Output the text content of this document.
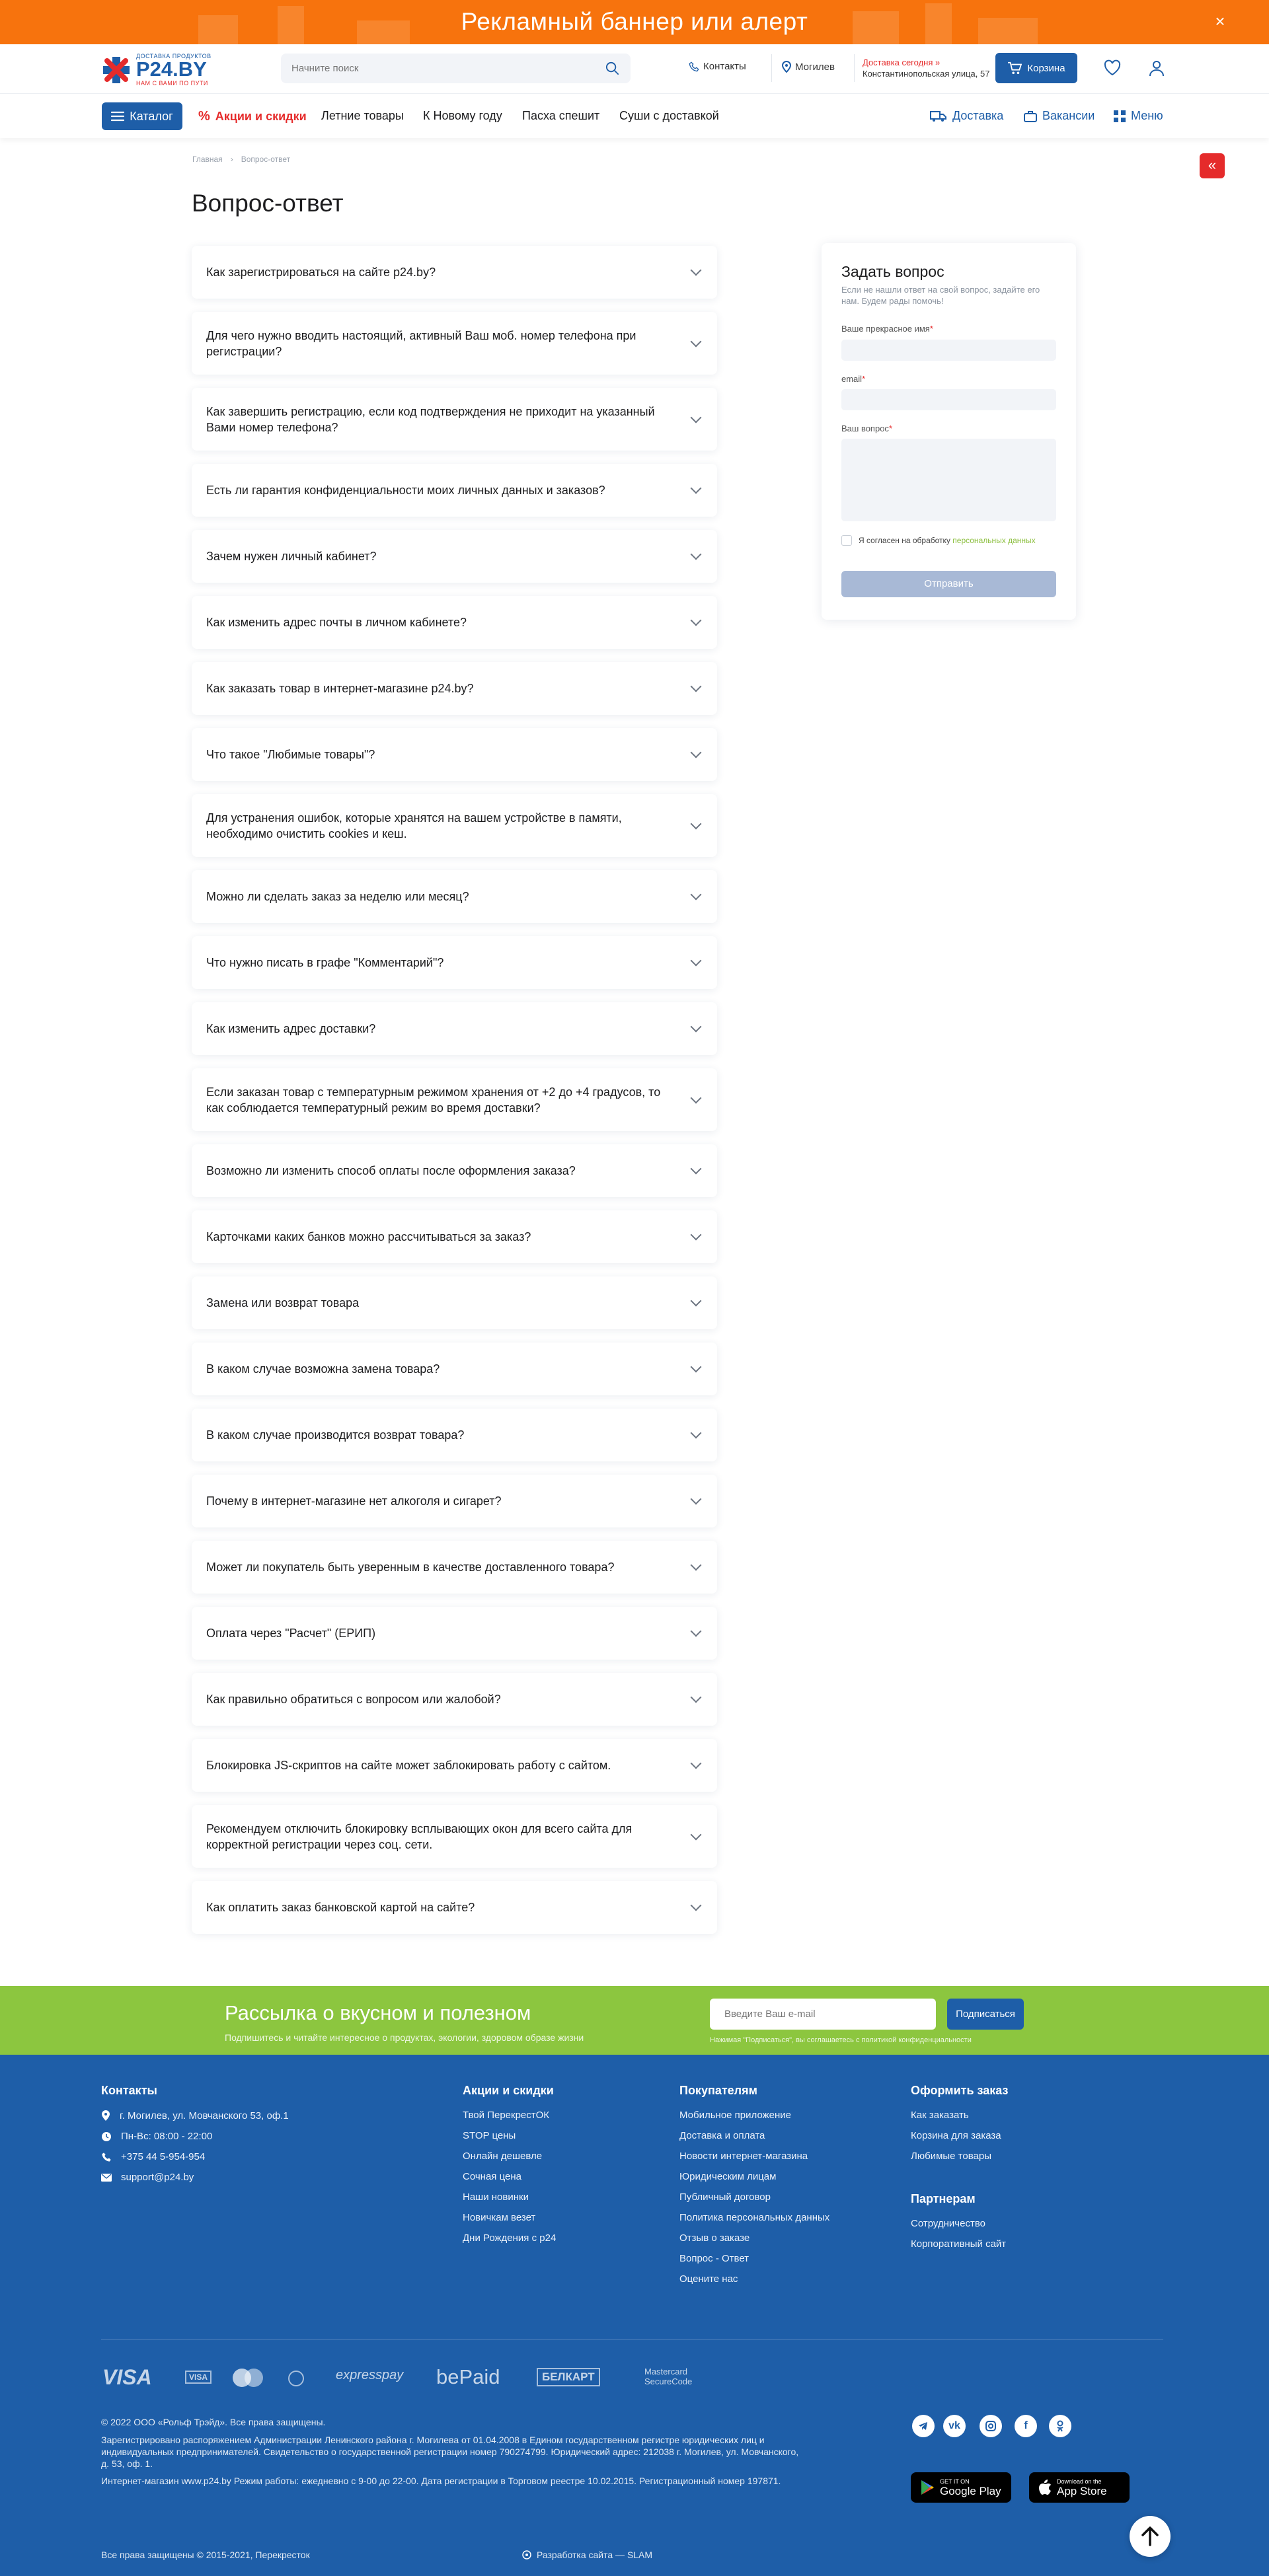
Рекламный баннер или алерт	×
ДОСТАВКА ПРОДУКТОВ
P24.BY
НАМ С ВАМИ ПО ПУТИ
Начните поиск
Контакты	Могилев	Доставка сегодня »
Константинопольская улица, 57	Корзина
Каталог % Акции и скидки Летние товары К Новому году Пасха спешит Суши с доставкой	Доставка	Вакансии	Меню
Главная › Вопрос-ответ	«
Вопрос-ответ
Как зарегистрироваться на сайте p24.by?
Для чего нужно вводить настоящий, активный Ваш моб. номер телефона при регистрации?
Как завершить регистрацию, если код подтверждения не приходит на указанный Вами номер телефона?
Есть ли гарантия конфиденциальности моих личных данных и заказов?
Зачем нужен личный кабинет?
Как изменить адрес почты в личном кабинете?
Как заказать товар в интернет-магазине p24.by?
Что такое "Любимые товары"?
Для устранения ошибок, которые хранятся на вашем устройстве в памяти, необходимо очистить cookies и кеш.
Можно ли сделать заказ за неделю или месяц?
Что нужно писать в графе "Комментарий"?
Как изменить адрес доставки?
Если заказан товар с температурным режимом хранения от +2 до +4 градусов, то как соблюдается температурный режим во время доставки?
Возможно ли изменить способ оплаты после оформления заказа?
Карточками каких банков можно рассчитываться за заказ?
Замена или возврат товара
В каком случае возможна замена товара?
В каком случае производится возврат товара?
Почему в интернет-магазине нет алкоголя и сигарет?
Может ли покупатель быть уверенным в качестве доставленного товара?
Оплата через "Расчет" (ЕРИП)
Как правильно обратиться с вопросом или жалобой?
Блокировка JS-скриптов на сайте может заблокировать работу с сайтом.
Рекомендуем отключить блокировку всплывающих окон для всего сайта для корректной регистрации через соц. сети.
Как оплатить заказ банковской картой на сайте?
Задать вопрос
Если не нашли ответ на свой вопрос, задайте его нам. Будем рады помочь!
Ваше прекрасное имя*
email*
Ваш вопрос*
Я согласен на обработку персональных данных
Отправить
Рассылка о вкусном и полезном
Подпишитесь и читайте интересное о продуктах, экологии, здоровом образе жизни
Введите Ваш e-mail
Подписаться
Нажимая "Подписаться", вы соглашаетесь с политикой конфиденциальности
Контакты
г. Могилев, ул. Мовчанского 53, оф.1
Пн-Вс: 08:00 - 22:00
+375 44 5-954-954
support@p24.by
Акции и скидки
Твой ПерекрестОК
STOP цены
Онлайн дешевле
Сочная цена
Наши новинки
Новичкам везет
Дни Рождения с p24
Покупателям
Мобильное приложение
Доставка и оплата
Новости интернет-магазина
Юридическим лицам
Публичный договор
Политика персональных данных
Отзыв о заказе
Вопрос - Ответ
Оцените нас
Оформить заказ
Как заказать
Корзина для заказа
Любимые товары
Партнерам
Сотрудничество
Корпоративный сайт
VISA	VISA	expresspay bePaid	БЕЛКАРТ	Mastercard SecureCode
© 2022 ООО «Рольф Трэйд». Все права защищены.
Зарегистрировано распоряжением Администрации Ленинского района г. Могилева от 01.04.2008 в Едином государственном регистре юридических лиц и индивидуальных предпринимателей. Свидетельство о государственной регистрации номер 790274799. Юридический адрес: 212038 г. Могилев, ул. Мовчанского, д. 53, оф. 1.
Интернет-магазин www.p24.by Режим работы: ежедневно с 9-00 до 22-00. Дата регистрации в Торговом реестре 10.02.2015. Регистрационный номер 197871.
vk	f
GET IT ON
Google Play
Download on the
App Store
Все права защищены © 2015-2021, Перекресток	Разработка сайта — SLAM
